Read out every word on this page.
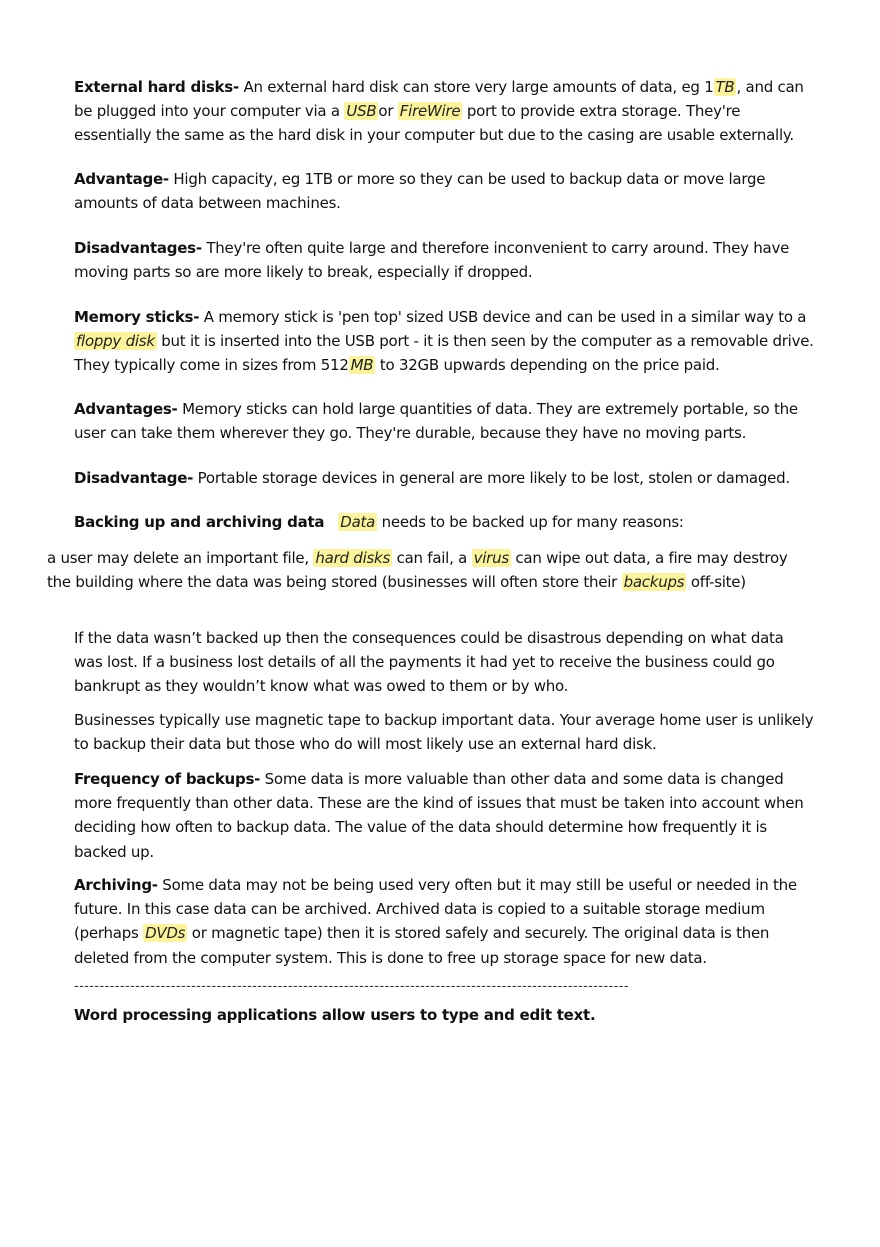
External hard disks- An external hard disk can store very large amounts of data, eg 1 TB , and can be plugged into your computer via a USB or FireWire port to provide extra storage. They're essentially the same as the hard disk in your computer but due to the casing are usable externally.

Advantage- High capacity, eg 1TB or more so they can be used to backup data or move large amounts of data between machines.

Disadvantages- They're often quite large and therefore inconvenient to carry around. They have moving parts so are more likely to break, especially if dropped.

Memory sticks- A memory stick is 'pen top' sized USB device and can be used in a similar way to a floppy disk but it is inserted into the USB port - it is then seen by the computer as a removable drive. They typically come in sizes from 512 MB to 32GB upwards depending on the price paid.

Advantages- Memory sticks can hold large quantities of data. They are extremely portable, so the user can take them wherever they go. They're durable, because they have no moving parts.

Disadvantage- Portable storage devices in general are more likely to be lost, stolen or damaged.

Backing up and archiving data Data needs to be backed up for many reasons:

a user may delete an important file, hard disks can fail, a virus can wipe out data, a fire may destroy the building where the data was being stored (businesses will often store their backups off-site)

If the data wasn’t backed up then the consequences could be disastrous depending on what data was lost. If a business lost details of all the payments it had yet to receive the business could go bankrupt as they wouldn’t know what was owed to them or by who.

Businesses typically use magnetic tape to backup important data. Your average home user is unlikely to backup their data but those who do will most likely use an external hard disk.

Frequency of backups- Some data is more valuable than other data and some data is changed more frequently than other data. These are the kind of issues that must be taken into account when deciding how often to backup data. The value of the data should determine how frequently it is backed up.

Archiving- Some data may not be being used very often but it may still be useful or needed in the future. In this case data can be archived. Archived data is copied to a suitable storage medium (perhaps DVDs or magnetic tape) then it is stored safely and securely. The original data is then deleted from the computer system. This is done to free up storage space for new data.

-------------------------------------------------------------------------------------------------------------

Word processing applications allow users to type and edit text.
